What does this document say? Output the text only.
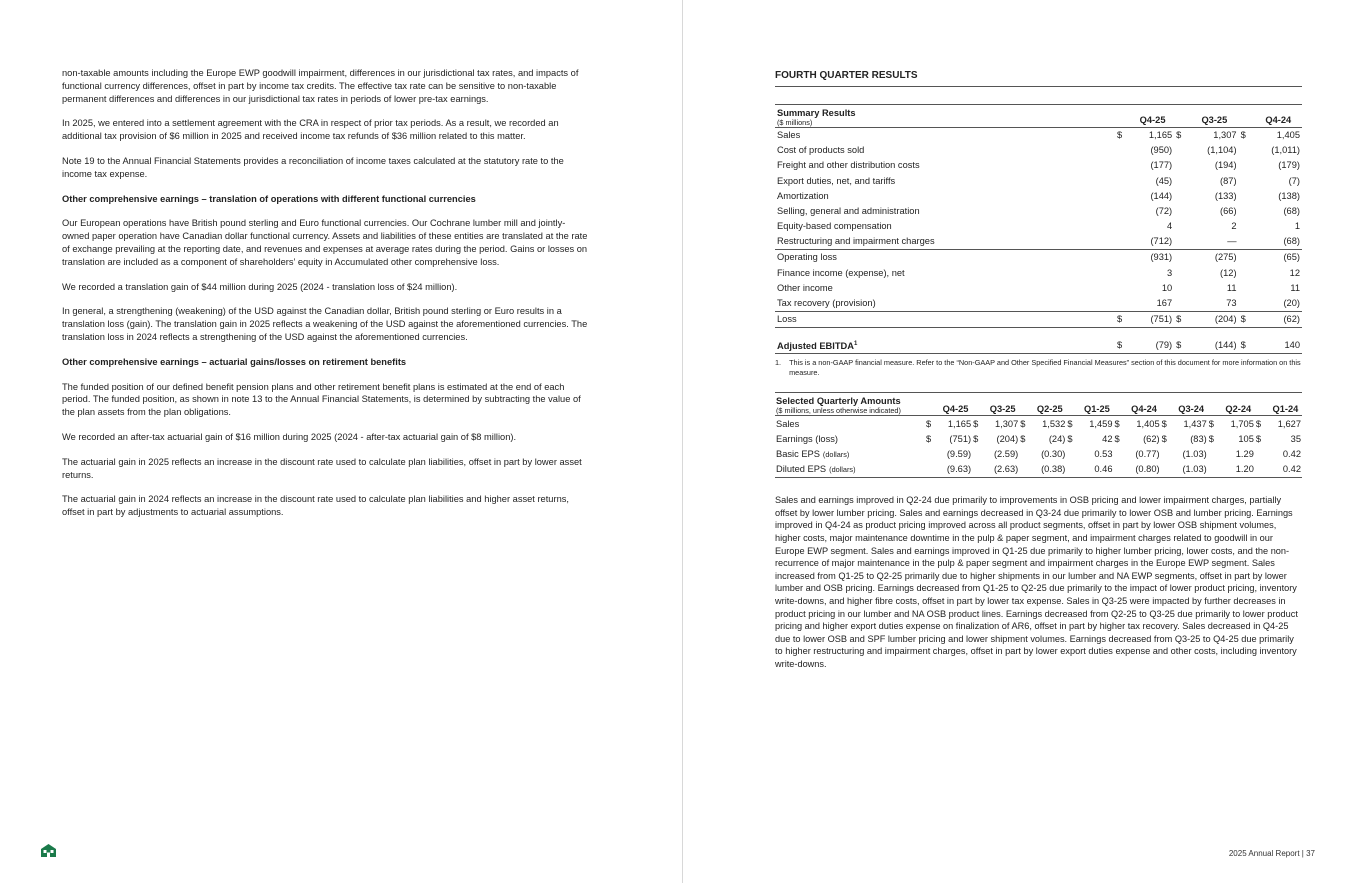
non-taxable amounts including the Europe EWP goodwill impairment, differences in our jurisdictional tax rates, and impacts of functional currency differences, offset in part by income tax credits. The effective tax rate can be sensitive to non-taxable permanent differences and differences in our jurisdictional tax rates in periods of lower pre-tax earnings.

In 2025, we entered into a settlement agreement with the CRA in respect of prior tax periods. As a result, we recorded an additional tax provision of $6 million in 2025 and received income tax refunds of $36 million related to this matter.

Note 19 to the Annual Financial Statements provides a reconciliation of income taxes calculated at the statutory rate to the income tax expense.

Other comprehensive earnings – translation of operations with different functional currencies

Our European operations have British pound sterling and Euro functional currencies. Our Cochrane lumber mill and jointly-owned paper operation have Canadian dollar functional currency. Assets and liabilities of these entities are translated at the rate of exchange prevailing at the reporting date, and revenues and expenses at average rates during the period. Gains or losses on translation are included as a component of shareholders’ equity in Accumulated other comprehensive loss.

We recorded a translation gain of $44 million during 2025 (2024 - translation loss of $24 million).

In general, a strengthening (weakening) of the USD against the Canadian dollar, British pound sterling or Euro results in a translation loss (gain). The translation gain in 2025 reflects a weakening of the USD against the aforementioned currencies. The translation loss in 2024 reflects a strengthening of the USD against the aforementioned currencies.

Other comprehensive earnings – actuarial gains/losses on retirement benefits

The funded position of our defined benefit pension plans and other retirement benefit plans is estimated at the end of each period. The funded position, as shown in note 13 to the Annual Financial Statements, is determined by subtracting the value of the plan assets from the plan obligations.

We recorded an after-tax actuarial gain of $16 million during 2025 (2024 - after-tax actuarial gain of $8 million).

The actuarial gain in 2025 reflects an increase in the discount rate used to calculate plan liabilities, offset in part by lower asset returns.

The actuarial gain in 2024 reflects an increase in the discount rate used to calculate plan liabilities and higher asset returns, offset in part by adjustments to actuarial assumptions.

FOURTH QUARTER RESULTS
Summary Results
($ millions)		Q4-25		Q3-25		Q4-24
Sales	$	1,165	$	1,307	$	1,405
Cost of products sold		(950)		(1,104)		(1,011)
Freight and other distribution costs		(177)		(194)		(179)
Export duties, net, and tariffs		(45)		(87)		(7)
Amortization		(144)		(133)		(138)
Selling, general and administration		(72)		(66)		(68)
Equity-based compensation		4		2		1
Restructuring and impairment charges		(712)		—		(68)
Operating loss		(931)		(275)		(65)
Finance income (expense), net		3		(12)		12
Other income		10		11		11
Tax recovery (provision)		167		73		(20)
Loss	$	(751)	$	(204)	$	(62)

Adjusted EBITDA$^1$	$	(79)	$	(144)	$	140
1. This is a non-GAAP financial measure. Refer to the “Non-GAAP and Other Specified Financial Measures” section of this document for more information on this measure.
Selected Quarterly Amounts
($ millions, unless otherwise indicated)		Q4-25		Q3-25		Q2-25		Q1-25		Q4-24		Q3-24		Q2-24		Q1-24
Sales	$	1,165	$	1,307	$	1,532	$	1,459	$	1,405	$	1,437	$	1,705	$	1,627
Earnings (loss)	$	(751)	$	(204)	$	(24)	$	42	$	(62)	$	(83)	$	105	$	35
Basic EPS (dollars)		(9.59)		(2.59)		(0.30)		0.53		(0.77)		(1.03)		1.29		0.42
Diluted EPS (dollars)		(9.63)		(2.63)		(0.38)		0.46		(0.80)		(1.03)		1.20		0.42
Sales and earnings improved in Q2-24 due primarily to improvements in OSB pricing and lower impairment charges, partially offset by lower lumber pricing. Sales and earnings decreased in Q3-24 due primarily to lower OSB and lumber pricing. Earnings improved in Q4-24 as product pricing improved across all product segments, offset in part by lower OSB shipment volumes, higher costs, major maintenance downtime in the pulp & paper segment, and impairment charges related to goodwill in our Europe EWP segment. Sales and earnings improved in Q1-25 due primarily to higher lumber pricing, lower costs, and the non-recurrence of major maintenance in the pulp & paper segment and impairment charges in the Europe EWP segment. Sales increased from Q1-25 to Q2-25 primarily due to higher shipments in our lumber and NA EWP segments, offset in part by lower lumber and OSB pricing. Earnings decreased from Q1-25 to Q2-25 due primarily to the impact of lower product pricing, inventory write-downs, and higher fibre costs, offset in part by lower tax expense. Sales in Q3-25 were impacted by further decreases in product pricing in our lumber and NA OSB product lines. Earnings decreased from Q2-25 to Q3-25 due primarily to lower product pricing and higher export duties expense on finalization of AR6, offset in part by higher tax recovery. Sales decreased in Q4-25 due to lower OSB and SPF lumber pricing and lower shipment volumes. Earnings decreased from Q3-25 to Q4-25 due primarily to higher restructuring and impairment charges, offset in part by lower export duties expense and other costs, including inventory write-downs.
2025 Annual Report | 37
